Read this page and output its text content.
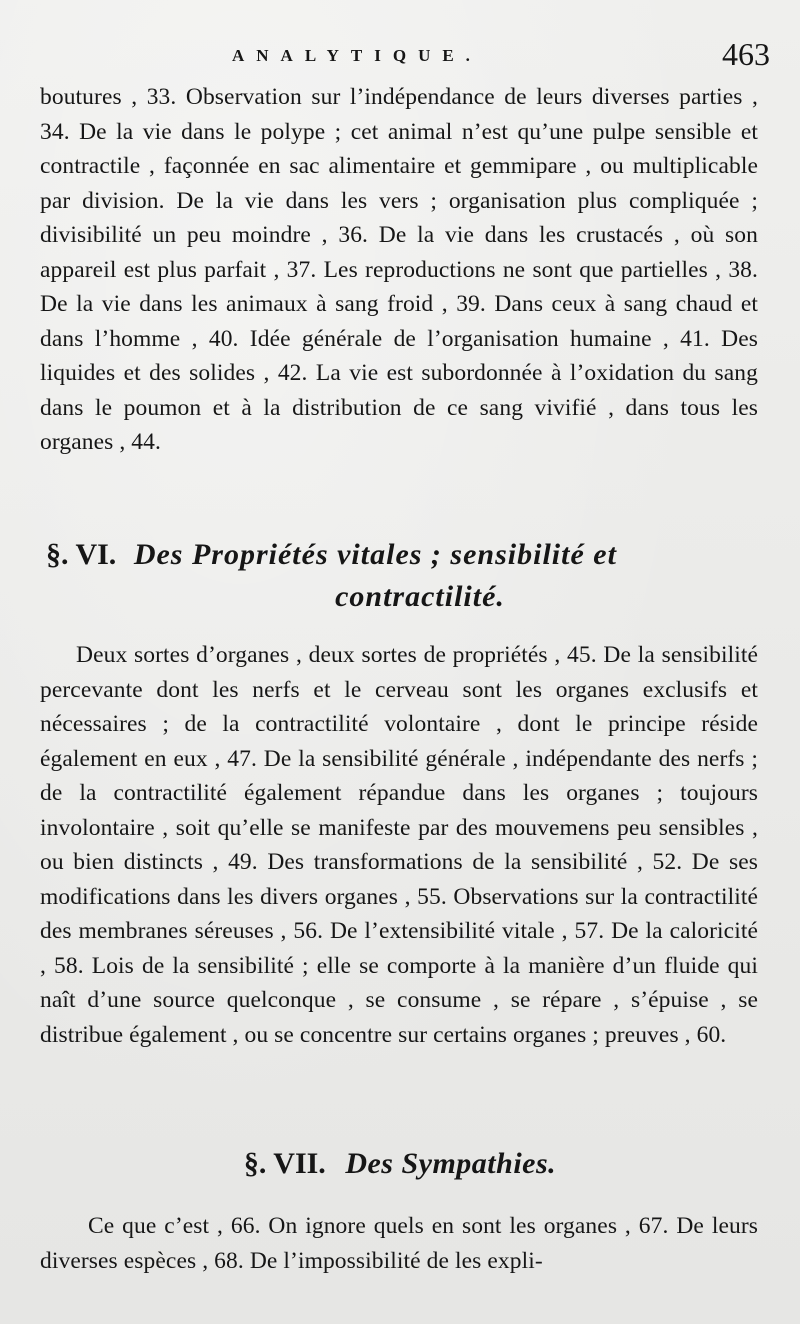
ANALYTIQUE.	463

boutures , 33. Observation sur l’indépendance de leurs diverses parties , 34. De la vie dans le polype ; cet animal n’est qu’une pulpe sensible et contractile , façonnée en sac alimentaire et gemmipare , ou multiplicable par division. De la vie dans les vers ; organisation plus compliquée ; divisibilité un peu moindre , 36. De la vie dans les crustacés , où son appareil est plus parfait , 37. Les reproductions ne sont que partielles , 38. De la vie dans les animaux à sang froid , 39. Dans ceux à sang chaud et dans l’homme , 40. Idée générale de l’organisation humaine , 41. Des liquides et des solides , 42. La vie est subordonnée à l’oxidation du sang dans le poumon et à la distribution de ce sang vivifié , dans tous les organes , 44.

§. VI. Des Propriétés vitales ; sensibilité et
contractilité.

Deux sortes d’organes , deux sortes de propriétés , 45. De la sensibilité percevante dont les nerfs et le cerveau sont les organes exclusifs et nécessaires ; de la contractilité volontaire , dont le principe réside également en eux , 47. De la sensibilité générale , indépendante des nerfs ; de la contractilité également répandue dans les organes ; toujours involontaire , soit qu’elle se manifeste par des mouvemens peu sensibles , ou bien distincts , 49. Des transformations de la sensibilité , 52. De ses modifications dans les divers organes , 55. Observations sur la contractilité des membranes séreuses , 56. De l’extensibilité vitale , 57. De la caloricité , 58. Lois de la sensibilité ; elle se comporte à la manière d’un fluide qui naît d’une source quelconque , se consume , se répare , s’épuise , se distribue également , ou se concentre sur certains organes ; preuves , 60.

§. VII. Des Sympathies.

Ce que c’est , 66. On ignore quels en sont les organes , 67. De leurs diverses espèces , 68. De l’impossibilité de les expli-
